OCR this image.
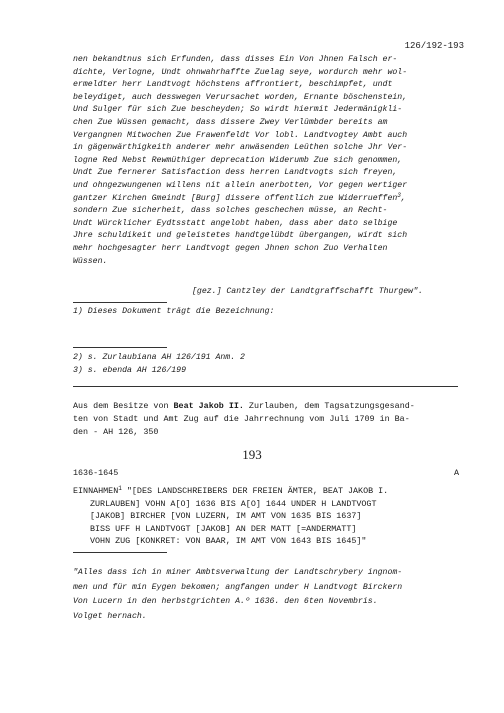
126/192-193
nen bekandtnus sich Erfunden, dass disses Ein Von Jhnen Falsch er-
dichte, Verlogne, Undt ohnwahrhaffte Zuelag seye, wordurch mehr wol-
ermeldter herr Landtvogt höchstens affrontiert, beschimpfet, undt
beleydiget, auch desswegen Verursachet worden, Ernante böschenstein,
Und Sulger für sich Zue bescheyden; So wirdt hiermit Jedermänigkli-
chen Zue Wüssen gemacht, dass dissere Zwey Verlümbder bereits am
Vergangnen Mitwochen Zue Frawenfeldt Vor lobl. Landtvogtey Ambt auch
in gägenwärthigkeith anderer mehr anwäsenden Leüthen solche Jhr Ver-
logne Red Nebst Rewmüthiger deprecation Widerumb Zue sich genommen,
Undt Zue fernerer Satisfaction dess herren Landtvogts sich freyen,
und ohngezwungenen willens nit allein anerbotten, Vor gegen wertiger
gantzer Kirchen Gmeindt [Burg] dissere offentlich zue Widerrueffen$^3$,
sondern Zue sicherheit, dass solches geschechen müsse, an Recht-
Undt Würcklicher Eydtsstatt angelobt haben, dass aber dato selbige
Jhre schuldikeit und geleistetes handtgelübdt übergangen, wirdt sich
mehr hochgesagter herr Landtvogt gegen Jhnen schon Zuo Verhalten
Wüssen.
[gez.] Cantzley der Landtgraffschafft Thurgew".
1) Dieses Dokument trägt die Bezeichnung:
2) s. Zurlaubiana AH 126/191 Anm. 2
3) s. ebenda AH 126/199
Aus dem Besitze von Beat Jakob II. Zurlauben, dem Tagsatzungsgesand-
ten von Stadt und Amt Zug auf die Jahrrechnung vom Juli 1709 in Ba-
den - AH 126, 350
193
1636-1645	A
EINNAHMEN$^1$ "[DES LANDSCHREIBERS DER FREIEN ÄMTER, BEAT JAKOB I.
ZURLAUBEN] VOHN A[O] 1636 BIS A[O] 1644 UNDER H LANDTVOGT
[JAKOB] BIRCHER [VON LUZERN, IM AMT VON 1635 BIS 1637]
BISS UFF H LANDTVOGT [JAKOB] AN DER MATT [=ANDERMATT]
VOHN ZUG [KONKRET: VON BAAR, IM AMT VON 1643 BIS 1645]"
"Alles dass ich in miner Ambtsverwaltung der Landtschrybery ingnom-
men und für min Eygen bekomen; angfangen under H Landtvogt Birckern
Von Lucern in den herbstgrichten A.º 1636. den 6ten Novembris.
Volget hernach.
